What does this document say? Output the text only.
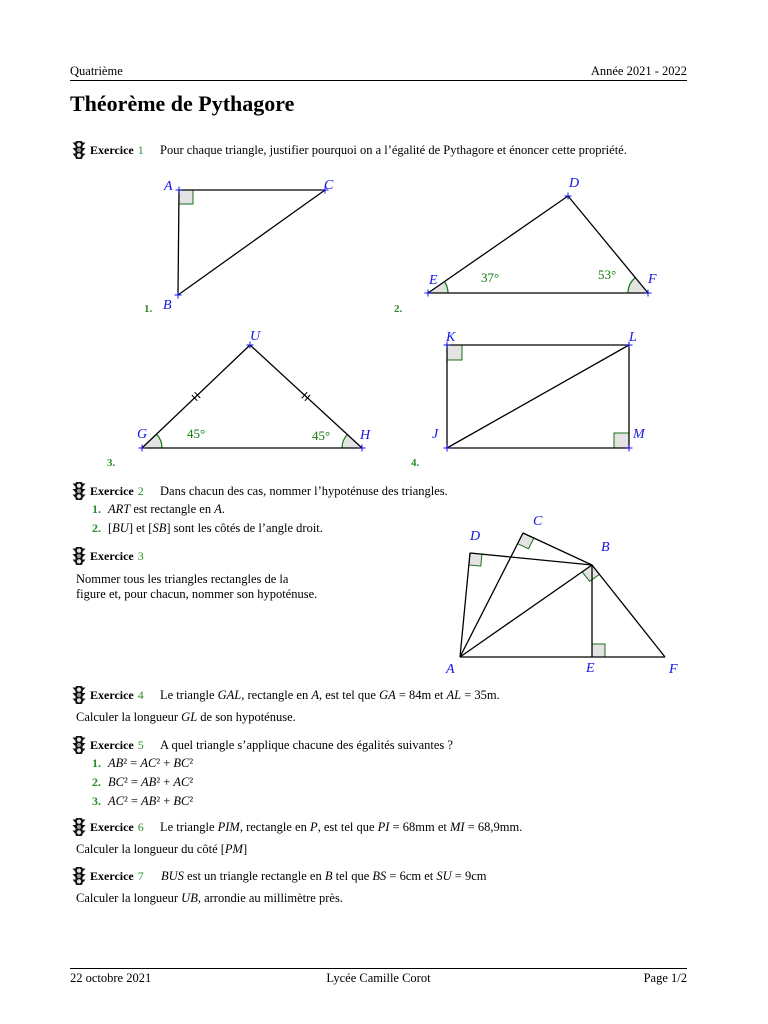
Quatrième	Année 2021 - 2022
Théorème de Pythagore
Exercice 1 Pour chaque triangle, justifier pourquoi on a l’égalité de Pythagore et énoncer cette propriété.
A	C
B
1.
D
E	F
37°	53°
2.
U
G	H
45°	45°
3.
K	L
J	M
4.
Exercice 2 Dans chacun des cas, nommer l’hypoténuse des triangles.
1. ART est rectangle en A.
2. [BU] et [SB] sont les côtés de l’angle droit.
Exercice 3
Nommer tous les triangles rectangles de la
figure et, pour chacun, nommer son hypoténuse.
A	E	F
D
C
B
Exercice 4 Le triangle GAL, rectangle en A, est tel que GA = 84m et AL = 35m.
Calculer la longueur GL de son hypoténuse.
Exercice 5 A quel triangle s’applique chacune des égalités suivantes ?
1. AB² = AC² + BC²
2. BC² = AB² + AC²
3. AC² = AB² + BC²
Exercice 6 Le triangle PIM, rectangle en P, est tel que PI = 68mm et MI = 68,9mm.
Calculer la longueur du côté [PM]
Exercice 7 BUS est un triangle rectangle en B tel que BS = 6cm et SU = 9cm
Calculer la longueur UB, arrondie au millimètre près.
22 octobre 2021	Lycée Camille Corot	Page 1/2
